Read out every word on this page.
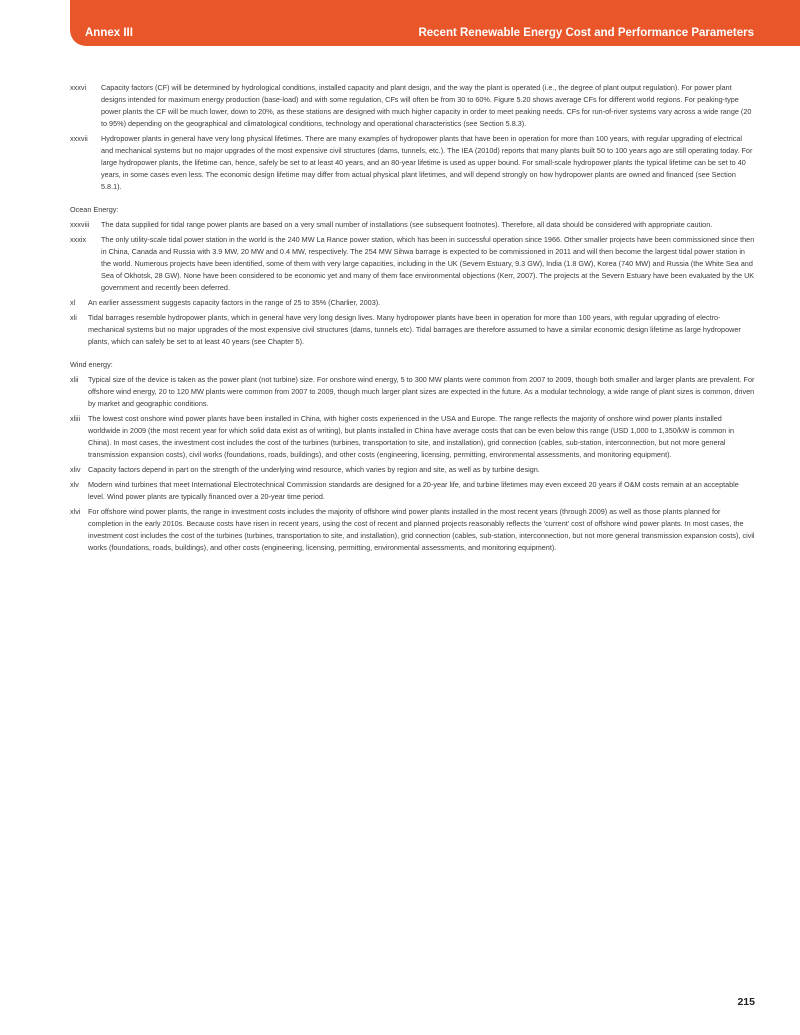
Annex III	Recent Renewable Energy Cost and Performance Parameters

xxxvi Capacity factors (CF) will be determined by hydrological conditions, installed capacity and plant design, and the way the plant is operated (i.e., the degree of plant output regulation). For power plant designs intended for maximum energy production (base-load) and with some regulation, CFs will often be from 30 to 60%. Figure 5.20 shows average CFs for different world regions. For peaking-type power plants the CF will be much lower, down to 20%, as these stations are designed with much higher capacity in order to meet peaking needs. CFs for run-of-river systems vary across a wide range (20 to 95%) depending on the geographical and climatological conditions, technology and operational characteristics (see Section 5.8.3).

xxxvii Hydropower plants in general have very long physical lifetimes. There are many examples of hydropower plants that have been in operation for more than 100 years, with regular upgrading of electrical and mechanical systems but no major upgrades of the most expensive civil structures (dams, tunnels, etc.). The IEA (2010d) reports that many plants built 50 to 100 years ago are still operating today. For large hydropower plants, the lifetime can, hence, safely be set to at least 40 years, and an 80-year lifetime is used as upper bound. For small-scale hydropower plants the typical lifetime can be set to 40 years, in some cases even less. The economic design lifetime may differ from actual physical plant lifetimes, and will depend strongly on how hydropower plants are owned and financed (see Section 5.8.1).

Ocean Energy:

xxxviii The data supplied for tidal range power plants are based on a very small number of installations (see subsequent footnotes). Therefore, all data should be considered with appropriate caution.

xxxix The only utility-scale tidal power station in the world is the 240 MW La Rance power station, which has been in successful operation since 1966. Other smaller projects have been commissioned since then in China, Canada and Russia with 3.9 MW, 20 MW and 0.4 MW, respectively. The 254 MW Sihwa barrage is expected to be commissioned in 2011 and will then become the largest tidal power station in the world. Numerous projects have been identified, some of them with very large capacities, including in the UK (Severn Estuary, 9.3 GW), India (1.8 GW), Korea (740 MW) and Russia (the White Sea and Sea of Okhotsk, 28 GW). None have been considered to be economic yet and many of them face environmental objections (Kerr, 2007). The projects at the Severn Estuary have been evaluated by the UK government and recently been deferred.

xl An earlier assessment suggests capacity factors in the range of 25 to 35% (Charlier, 2003).

xli Tidal barrages resemble hydropower plants, which in general have very long design lives. Many hydropower plants have been in operation for more than 100 years, with regular upgrading of electro-mechanical systems but no major upgrades of the most expensive civil structures (dams, tunnels etc). Tidal barrages are therefore assumed to have a similar economic design lifetime as large hydropower plants, which can safely be set to at least 40 years (see Chapter 5).

Wind energy:

xlii Typical size of the device is taken as the power plant (not turbine) size. For onshore wind energy, 5 to 300 MW plants were common from 2007 to 2009, though both smaller and larger plants are prevalent. For offshore wind energy, 20 to 120 MW plants were common from 2007 to 2009, though much larger plant sizes are expected in the future. As a modular technology, a wide range of plant sizes is common, driven by market and geographic conditions.

xliii The lowest cost onshore wind power plants have been installed in China, with higher costs experienced in the USA and Europe. The range reflects the majority of onshore wind power plants installed worldwide in 2009 (the most recent year for which solid data exist as of writing), but plants installed in China have average costs that can be even below this range (USD 1,000 to 1,350/kW is common in China). In most cases, the investment cost includes the cost of the turbines (turbines, transportation to site, and installation), grid connection (cables, sub-station, interconnection, but not more general transmission expansion costs), civil works (foundations, roads, buildings), and other costs (engineering, licensing, permitting, environmental assessments, and monitoring equipment).

xliv Capacity factors depend in part on the strength of the underlying wind resource, which varies by region and site, as well as by turbine design.

xlv Modern wind turbines that meet International Electrotechnical Commission standards are designed for a 20-year life, and turbine lifetimes may even exceed 20 years if O&M costs remain at an acceptable level. Wind power plants are typically financed over a 20-year time period.

xlvi For offshore wind power plants, the range in investment costs includes the majority of offshore wind power plants installed in the most recent years (through 2009) as well as those plants planned for completion in the early 2010s. Because costs have risen in recent years, using the cost of recent and planned projects reasonably reflects the 'current' cost of offshore wind power plants. In most cases, the investment cost includes the cost of the turbines (turbines, transportation to site, and installation), grid connection (cables, sub-station, interconnection, but not more general transmission expansion costs), civil works (foundations, roads, buildings), and other costs (engineering, licensing, permitting, environmental assessments, and monitoring equipment).

215
